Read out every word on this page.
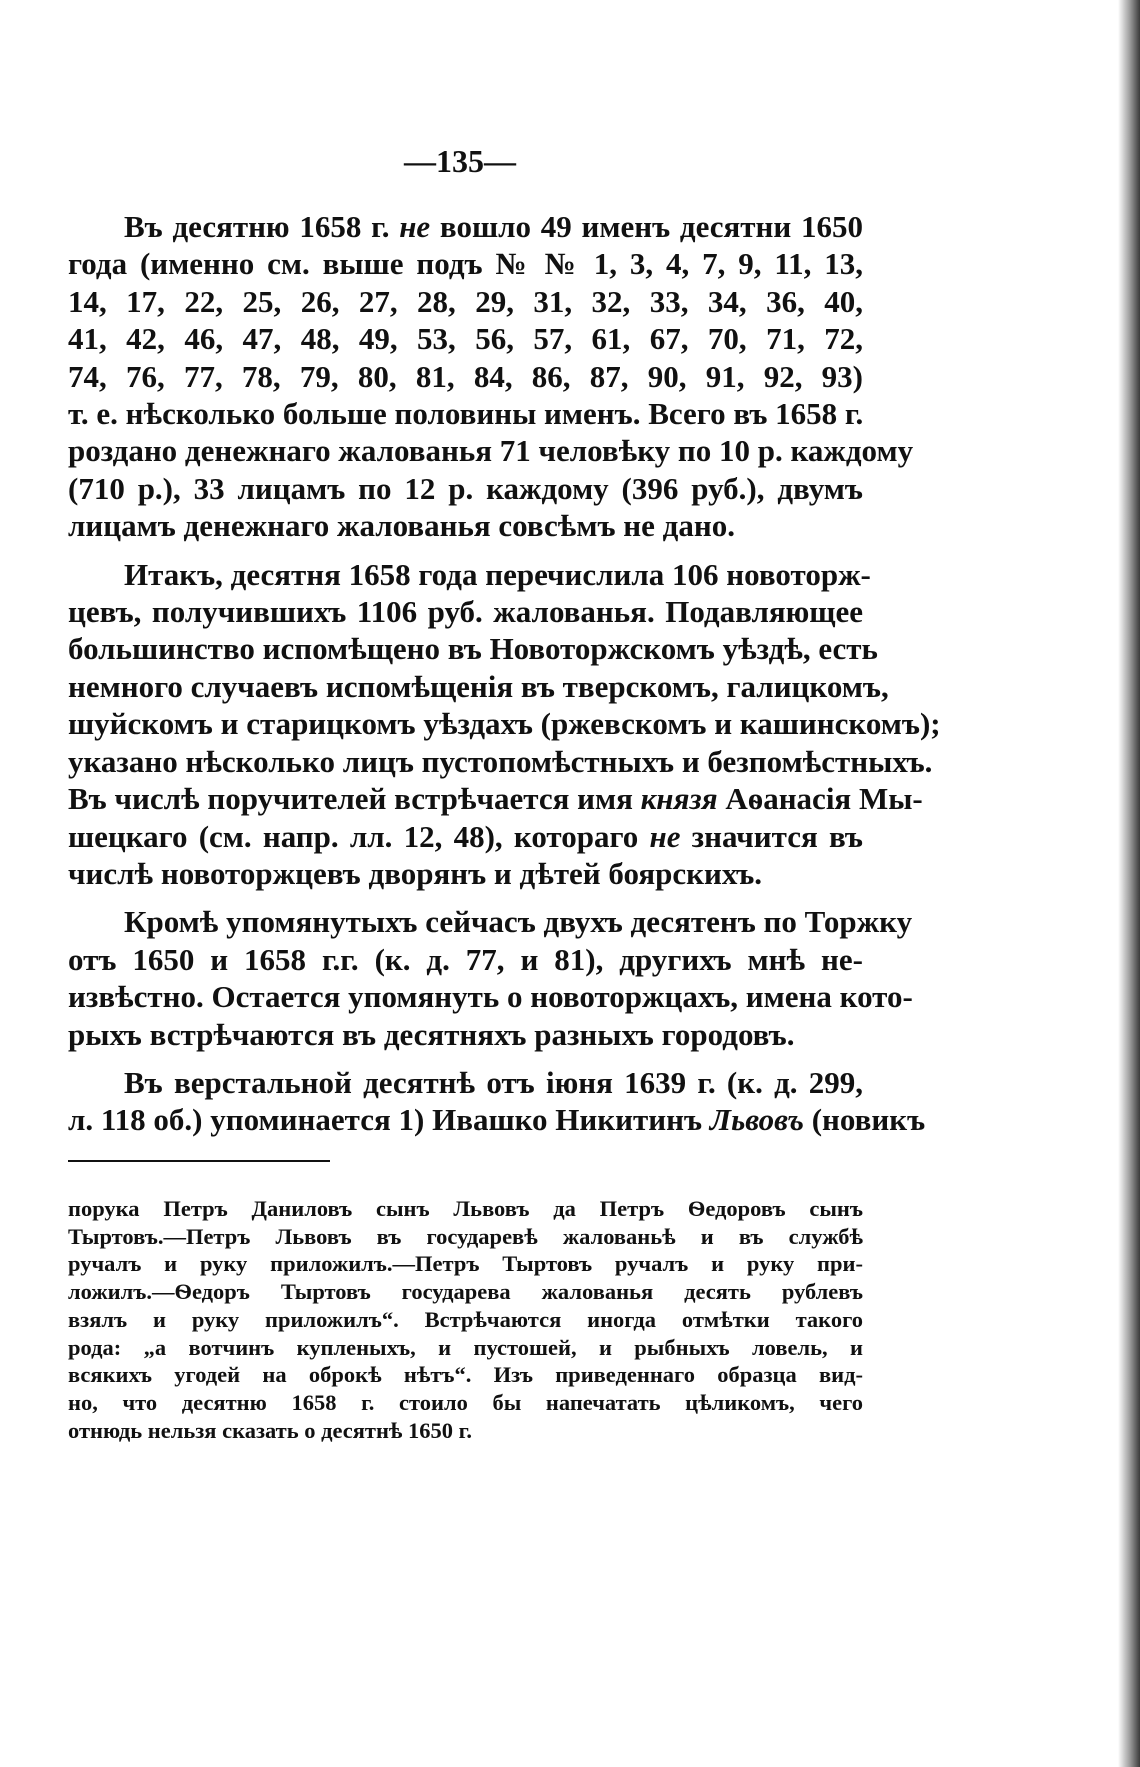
—135—
Въ десятню 1658 г. не вошло 49 именъ десятни 1650
года (именно см. выше подъ № № 1, 3, 4, 7, 9, 11, 13,
14, 17, 22, 25, 26, 27, 28, 29, 31, 32, 33, 34, 36, 40,
41, 42, 46, 47, 48, 49, 53, 56, 57, 61, 67, 70, 71, 72,
74, 76, 77, 78, 79, 80, 81, 84, 86, 87, 90, 91, 92, 93)
т. е. нѣсколько больше половины именъ. Всего въ 1658 г.
роздано денежнаго жалованья 71 человѣку по 10 р. каждому
(710 р.), 33 лицамъ по 12 р. каждому (396 руб.), двумъ
лицамъ денежнаго жалованья совсѣмъ не дано.
Итакъ, десятня 1658 года перечислила 106 новоторж-
цевъ, получившихъ 1106 руб. жалованья. Подавляющее
большинство испомѣщено въ Новоторжскомъ уѣздѣ, есть
немного случаевъ испомѣщенія въ тверскомъ, галицкомъ,
шуйскомъ и старицкомъ уѣздахъ (ржевскомъ и кашинскомъ);
указано нѣсколько лицъ пустопомѣстныхъ и безпомѣстныхъ.
Въ числѣ поручителей встрѣчается имя князя Аѳанасія Мы-
шецкаго (см. напр. лл. 12, 48), котораго не значится въ
числѣ новоторжцевъ дворянъ и дѣтей боярскихъ.
Кромѣ упомянутыхъ сейчасъ двухъ десятенъ по Торжку
отъ 1650 и 1658 г.г. (к. д. 77, и 81), другихъ мнѣ не-
извѣстно. Остается упомянуть о новоторжцахъ, имена кото-
рыхъ встрѣчаются въ десятняхъ разныхъ городовъ.
Въ верстальной десятнѣ отъ іюня 1639 г. (к. д. 299,
л. 118 об.) упоминается 1) Ивашко Никитинъ Львовъ (новикъ
порука Петръ Даниловъ сынъ Львовъ да Петръ Ѳедоровъ сынъ
Тыртовъ.—Петръ Львовъ въ государевѣ жалованьѣ и въ службѣ
ручалъ и руку приложилъ.—Петръ Тыртовъ ручалъ и руку при-
ложилъ.—Ѳедоръ Тыртовъ государева жалованья десять рублевъ
взялъ и руку приложилъ“. Встрѣчаются иногда отмѣтки такого
рода: „а вотчинъ купленыхъ, и пустошей, и рыбныхъ ловель, и
всякихъ угодей на оброкѣ нѣтъ“. Изъ приведеннаго образца вид-
но, что десятню 1658 г. стоило бы напечатать цѣликомъ, чего
отнюдь нельзя сказать о десятнѣ 1650 г.
